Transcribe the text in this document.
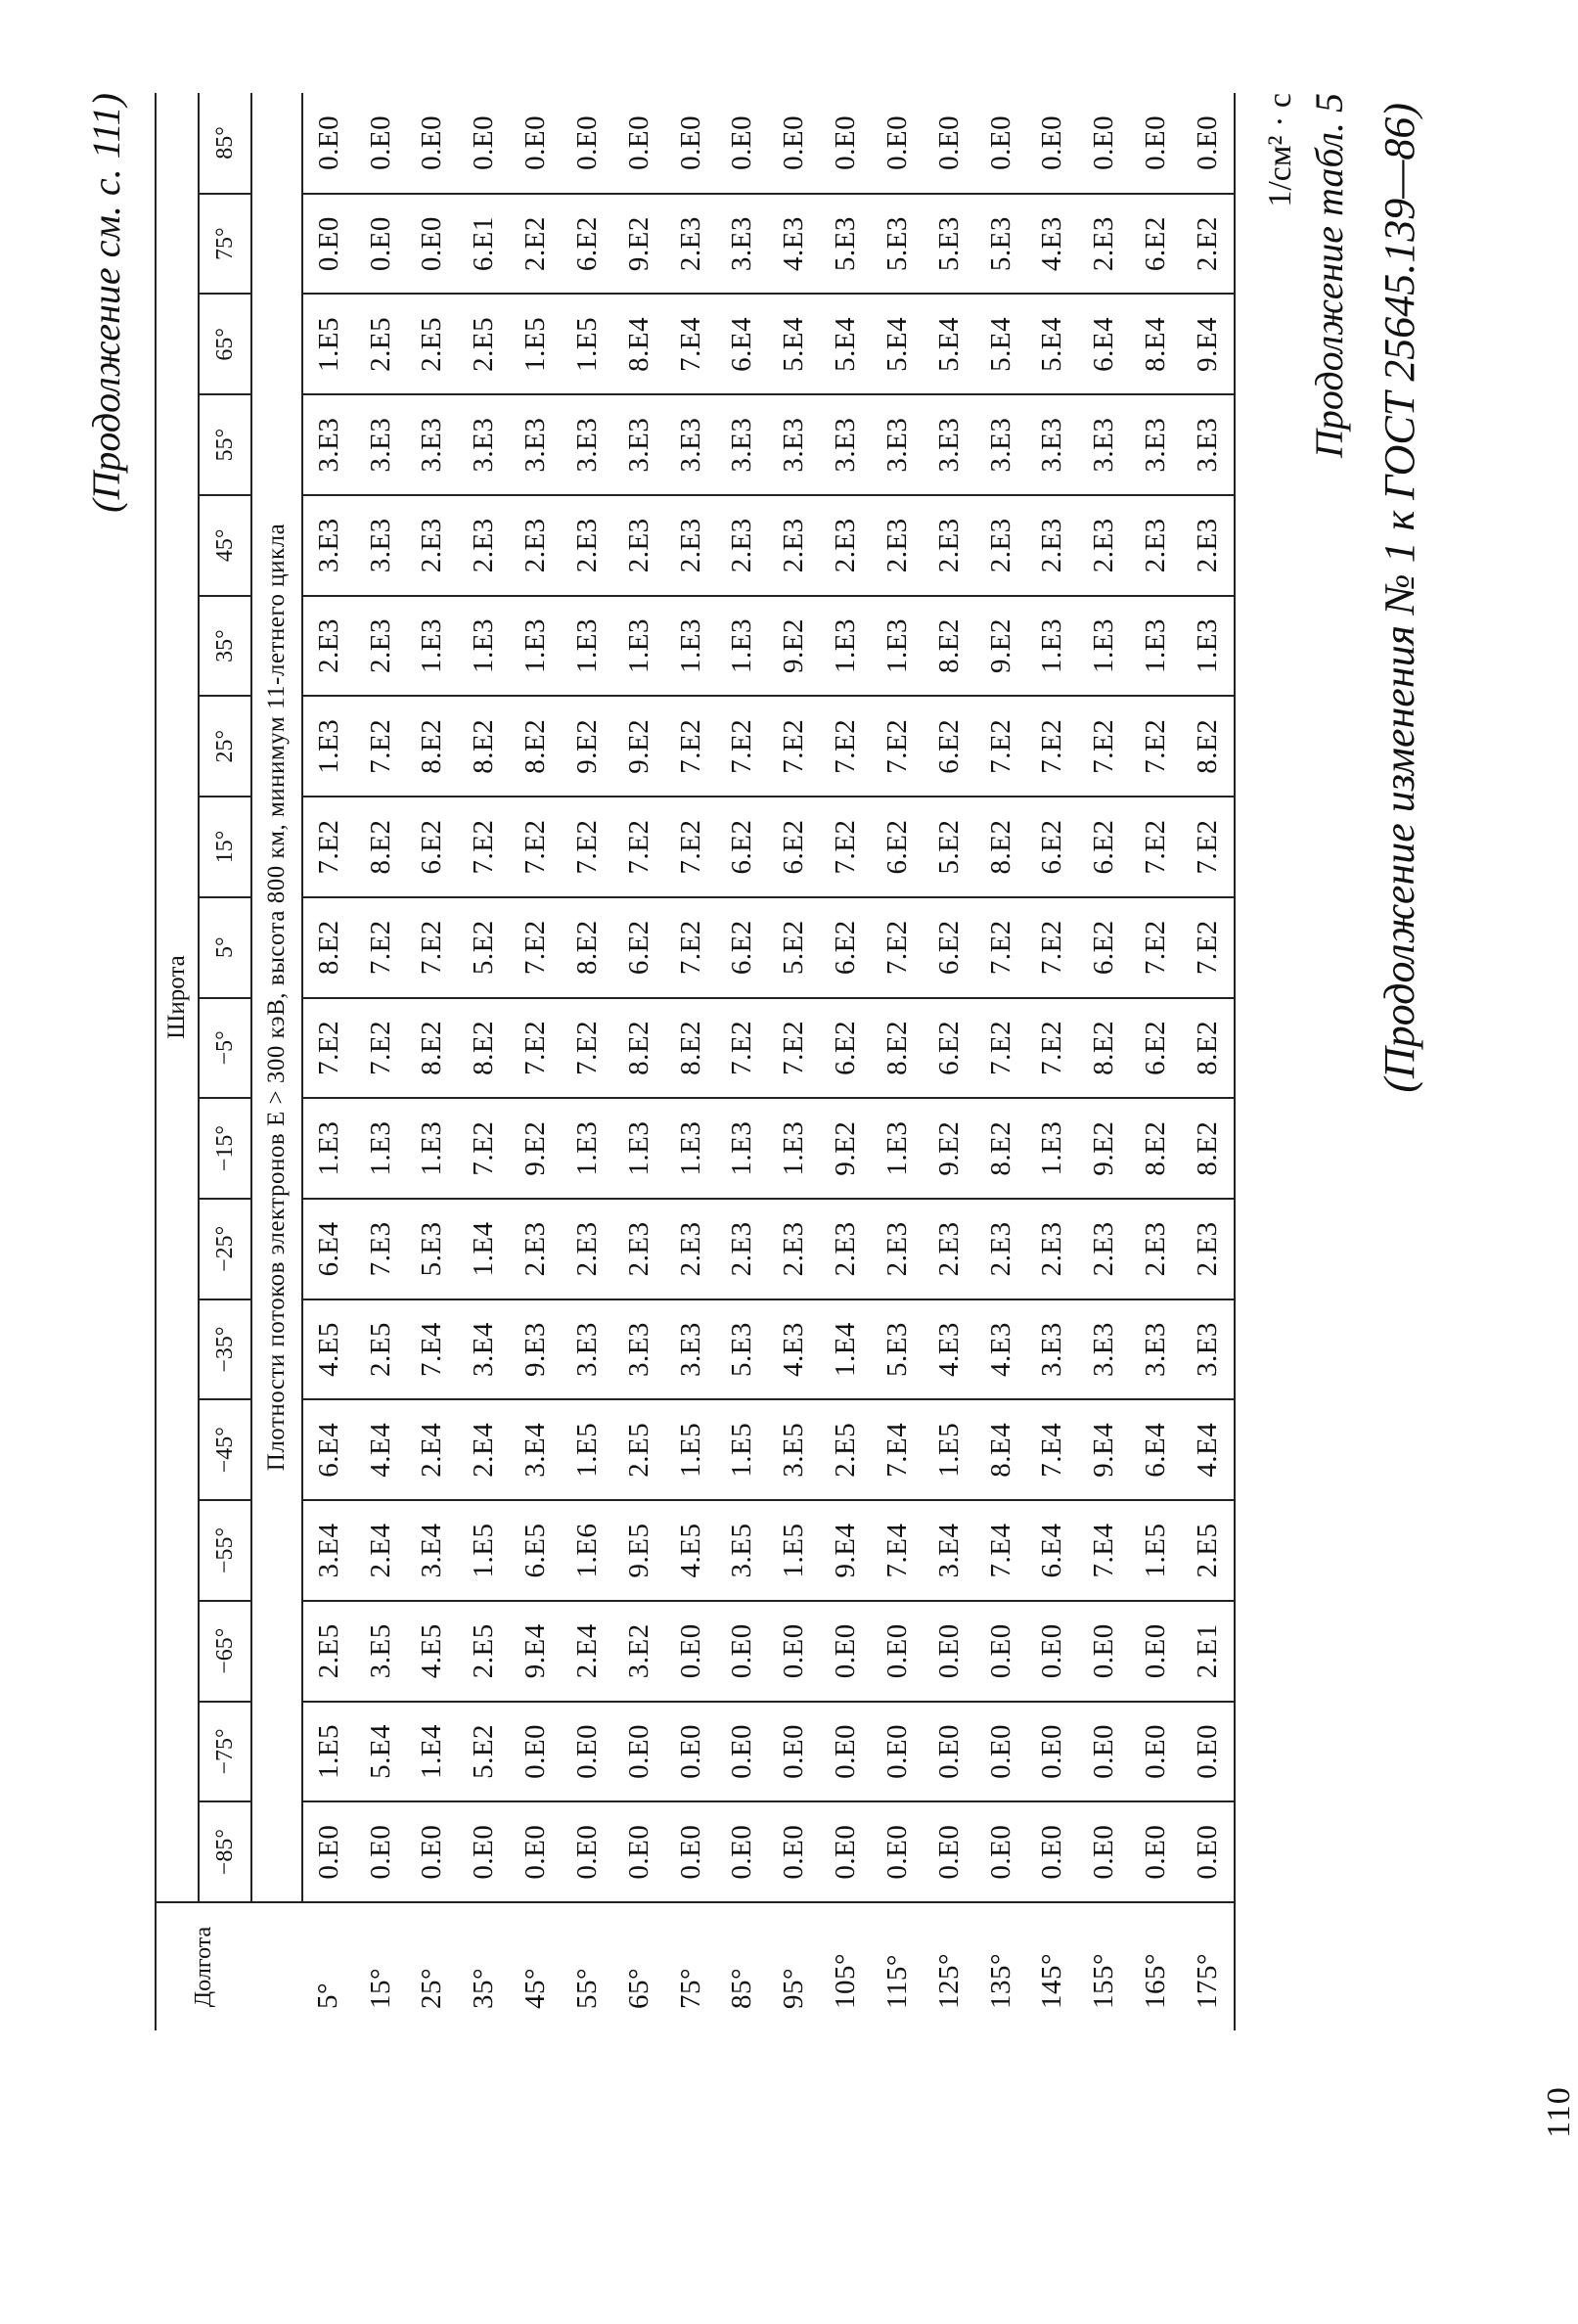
(Продолжение изменения № 1 к ГОСТ 25645.139—86)
Продолжение табл. 5
1/см² · с
Долгота	Широта																	
	−85°	−75°	−65°	−55°	−45°	−35°	−25°	−15°	−5°	5°	15°	25°	35°	45°	55°	65°	75°	85°
	Плотности потоков электронов E > 300 кэВ, высота 800 км, минимум 11-летнего цикла																	
5°	0.E0	1.E5	2.E5	3.E4	6.E4	4.E5	6.E4	1.E3	7.E2	8.E2	7.E2	1.E3	2.E3	3.E3	3.E3	1.E5	0.E0	0.E0
15°	0.E0	5.E4	3.E5	2.E4	4.E4	2.E5	7.E3	1.E3	7.E2	7.E2	8.E2	7.E2	2.E3	3.E3	3.E3	2.E5	0.E0	0.E0
25°	0.E0	1.E4	4.E5	3.E4	2.E4	7.E4	5.E3	1.E3	8.E2	7.E2	6.E2	8.E2	1.E3	2.E3	3.E3	2.E5	0.E0	0.E0
35°	0.E0	5.E2	2.E5	1.E5	2.E4	3.E4	1.E4	7.E2	8.E2	5.E2	7.E2	8.E2	1.E3	2.E3	3.E3	2.E5	6.E1	0.E0
45°	0.E0	0.E0	9.E4	6.E5	3.E4	9.E3	2.E3	9.E2	7.E2	7.E2	7.E2	8.E2	1.E3	2.E3	3.E3	1.E5	2.E2	0.E0
55°	0.E0	0.E0	2.E4	1.E6	1.E5	3.E3	2.E3	1.E3	7.E2	8.E2	7.E2	9.E2	1.E3	2.E3	3.E3	1.E5	6.E2	0.E0
65°	0.E0	0.E0	3.E2	9.E5	2.E5	3.E3	2.E3	1.E3	8.E2	6.E2	7.E2	9.E2	1.E3	2.E3	3.E3	8.E4	9.E2	0.E0
75°	0.E0	0.E0	0.E0	4.E5	1.E5	3.E3	2.E3	1.E3	8.E2	7.E2	7.E2	7.E2	1.E3	2.E3	3.E3	7.E4	2.E3	0.E0
85°	0.E0	0.E0	0.E0	3.E5	1.E5	5.E3	2.E3	1.E3	7.E2	6.E2	6.E2	7.E2	1.E3	2.E3	3.E3	6.E4	3.E3	0.E0
95°	0.E0	0.E0	0.E0	1.E5	3.E5	4.E3	2.E3	1.E3	7.E2	5.E2	6.E2	7.E2	9.E2	2.E3	3.E3	5.E4	4.E3	0.E0
105°	0.E0	0.E0	0.E0	9.E4	2.E5	1.E4	2.E3	9.E2	6.E2	6.E2	7.E2	7.E2	1.E3	2.E3	3.E3	5.E4	5.E3	0.E0
115°	0.E0	0.E0	0.E0	7.E4	7.E4	5.E3	2.E3	1.E3	8.E2	7.E2	6.E2	7.E2	1.E3	2.E3	3.E3	5.E4	5.E3	0.E0
125°	0.E0	0.E0	0.E0	3.E4	1.E5	4.E3	2.E3	9.E2	6.E2	6.E2	5.E2	6.E2	8.E2	2.E3	3.E3	5.E4	5.E3	0.E0
135°	0.E0	0.E0	0.E0	7.E4	8.E4	4.E3	2.E3	8.E2	7.E2	7.E2	8.E2	7.E2	9.E2	2.E3	3.E3	5.E4	5.E3	0.E0
145°	0.E0	0.E0	0.E0	6.E4	7.E4	3.E3	2.E3	1.E3	7.E2	7.E2	6.E2	7.E2	1.E3	2.E3	3.E3	5.E4	4.E3	0.E0
155°	0.E0	0.E0	0.E0	7.E4	9.E4	3.E3	2.E3	9.E2	8.E2	6.E2	6.E2	7.E2	1.E3	2.E3	3.E3	6.E4	2.E3	0.E0
165°	0.E0	0.E0	0.E0	1.E5	6.E4	3.E3	2.E3	8.E2	6.E2	7.E2	7.E2	7.E2	1.E3	2.E3	3.E3	8.E4	6.E2	0.E0
175°	0.E0	0.E0	2.E1	2.E5	4.E4	3.E3	2.E3	8.E2	8.E2	7.E2	7.E2	8.E2	1.E3	2.E3	3.E3	9.E4	2.E2	0.E0
(Продолжение см. с. 111)
110
